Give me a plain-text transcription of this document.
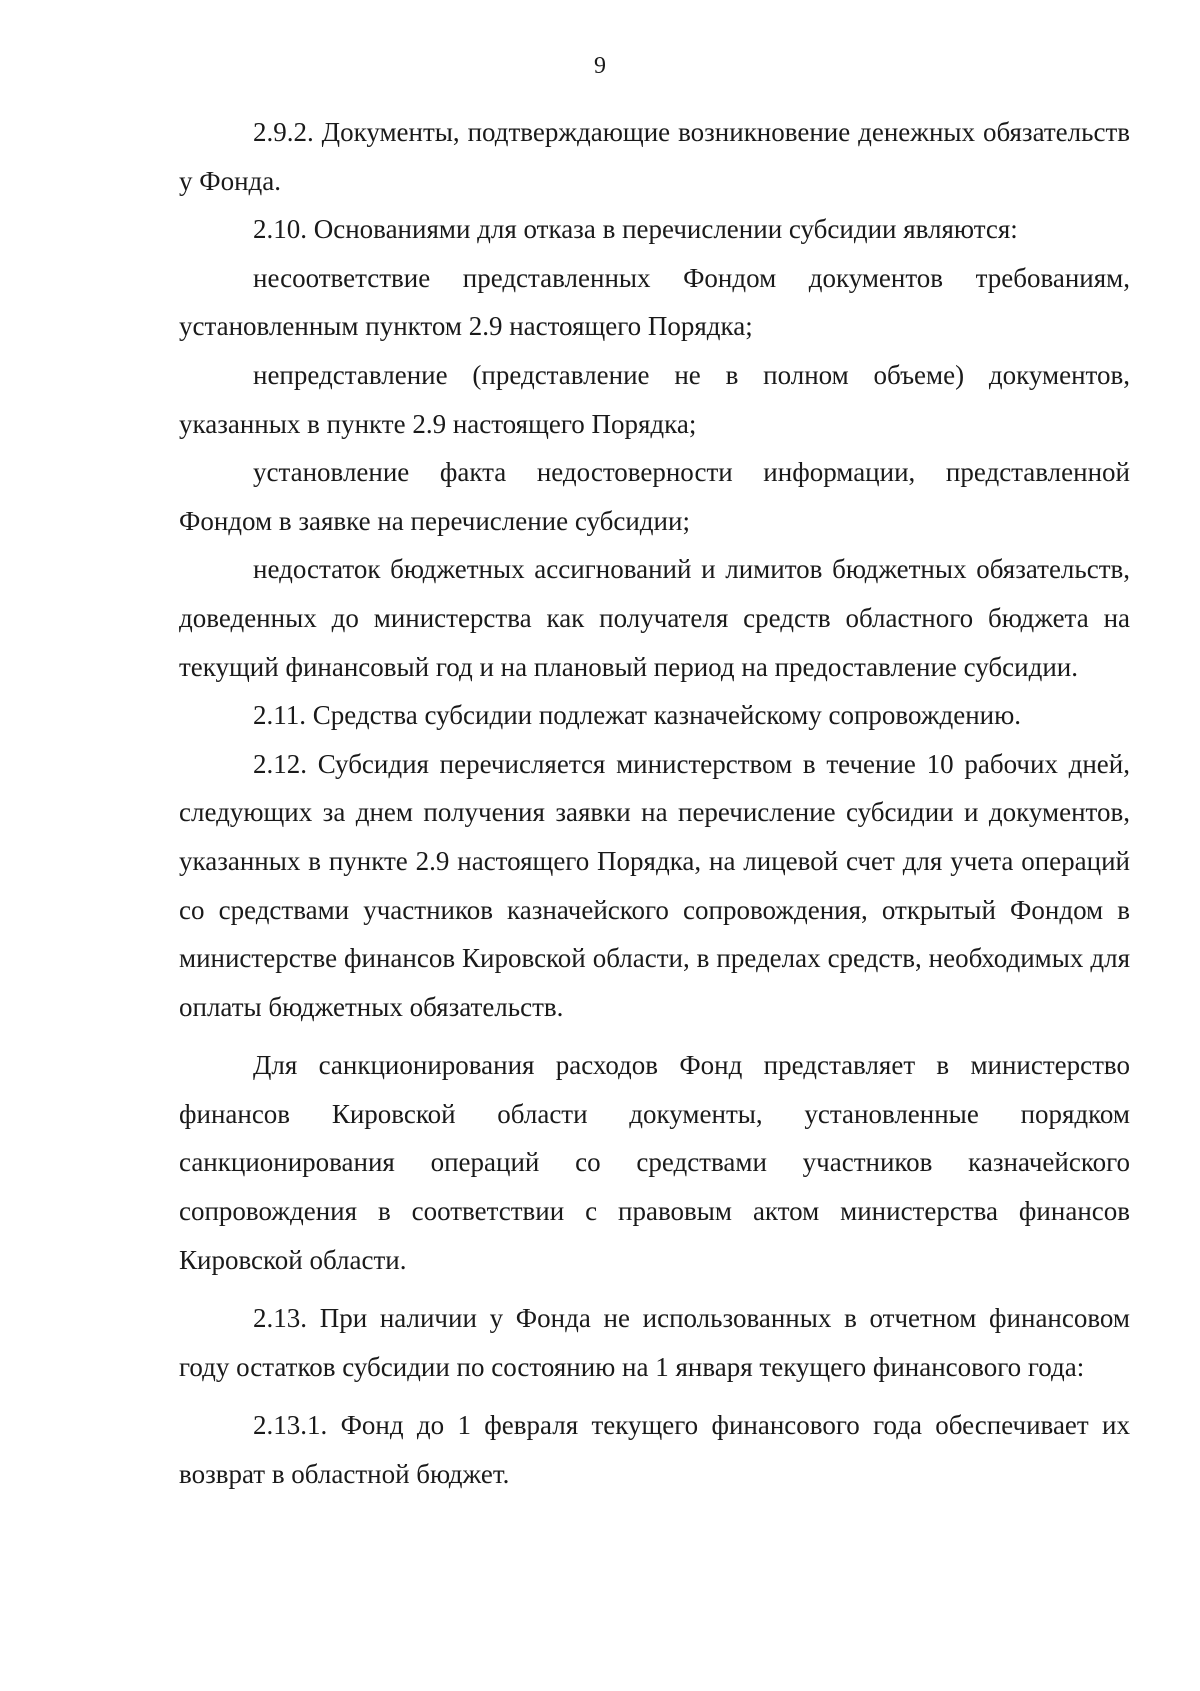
9

2.9.2. Документы, подтверждающие возникновение денежных обязательств у Фонда.

2.10. Основаниями для отказа в перечислении субсидии являются:

несоответствие представленных Фондом документов требованиям, установленным пунктом 2.9 настоящего Порядка;

непредставление (представление не в полном объеме) документов, указанных в пункте 2.9 настоящего Порядка;

установление факта недостоверности информации, представленной Фондом в заявке на перечисление субсидии;

недостаток бюджетных ассигнований и лимитов бюджетных обязательств, доведенных до министерства как получателя средств областного бюджета на текущий финансовый год и на плановый период на предоставление субсидии.

2.11. Средства субсидии подлежат казначейскому сопровождению.

2.12. Субсидия перечисляется министерством в течение 10 рабочих дней, следующих за днем получения заявки на перечисление субсидии и документов, указанных в пункте 2.9 настоящего Порядка, на лицевой счет для учета операций со средствами участников казначейского сопровождения, открытый Фондом в министерстве финансов Кировской области, в пределах средств, необходимых для оплаты бюджетных обязательств.

Для санкционирования расходов Фонд представляет в министерство финансов Кировской области документы, установленные порядком санкционирования операций со средствами участников казначейского сопровождения в соответствии с правовым актом министерства финансов Кировской области.

2.13. При наличии у Фонда не использованных в отчетном финансовом году остатков субсидии по состоянию на 1 января текущего финансового года:

2.13.1. Фонд до 1 февраля текущего финансового года обеспечивает их возврат в областной бюджет.
